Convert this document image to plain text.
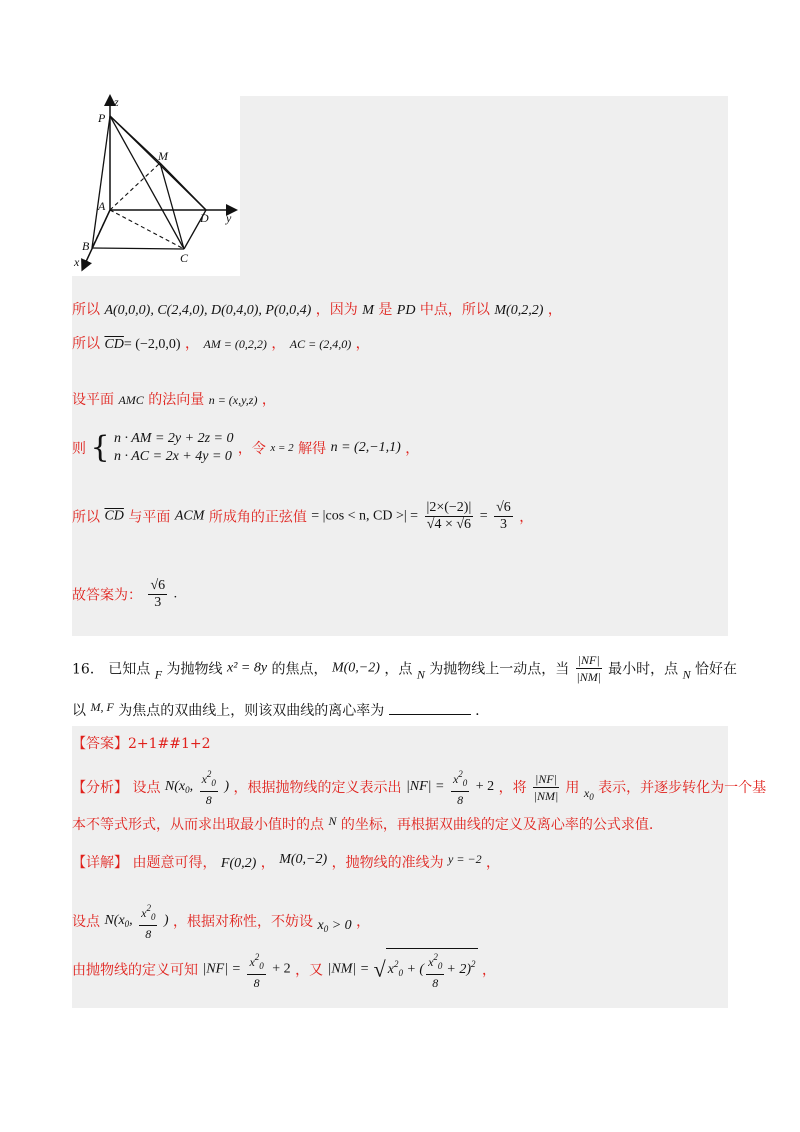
z
P
M
A
D y
B
C
x
所以 A(0,0,0), C(2,4,0), D(0,4,0), P(0,0,4) ，因为 M 是 PD 中点，所以 M(0,2,2) ，
所以 $\overline{CD}= (-2,0,0)$ ， AM = (0,2,2) ， AC = (2,4,0) ，
设平面 AMC 的法向量 n = (x,y,z) ，
则 { n · AM = 2y + 2z = 0
n · AC = 2x + 4y = 0 ，令 x = 2 解得 n = (2,−1,1) ，
所以 $\overline{CD}$ 与平面 ACM 所成角的正弦值 = |cos < n, CD >| = $\frac{|2\times(-2)|}{√4 \times √6} = \frac{√6}{3}$ ，
故答案为： $\frac{√6}{3}$ .
16． 已知点 F 为抛物线 x² = 8y 的焦点， M(0,−2) ，点 N 为抛物线上一动点，当 $\frac{|NF|}{|NM|}$ 最小时，点 N 恰好在
以 M, F 为焦点的双曲线上，则该双曲线的离心率为	.
【答案】2+1##1+2
【分析】 设点 $N(x_0$, $\frac{x^2_0}{8}$ ) ，根据抛物线的定义表示出 $|NF| = \frac{x^2_0}{8} + 2$ ，将 $\frac{|NF|}{|NM|}$ 用 $x_0$ 表示，并逐步转化为一个基
本不等式形式，从而求出取最小值时的点 N 的坐标，再根据双曲线的定义及离心率的公式求值.
【详解】 由题意可得， F(0,2) ， M(0,−2) ，抛物线的准线为 y = −2 ，
设点 $N(x_0$, $\frac{x^2_0}{8}$ ) ，根据对称性，不妨设 $x_0 > 0$ ，
由抛物线的定义可知 $|NF| = \frac{x^2_0}{8} + 2$ ，又 |NM| = √ $x^2_0$ + ( $\frac{x^2_0}{8} + 2)^2$ ，
